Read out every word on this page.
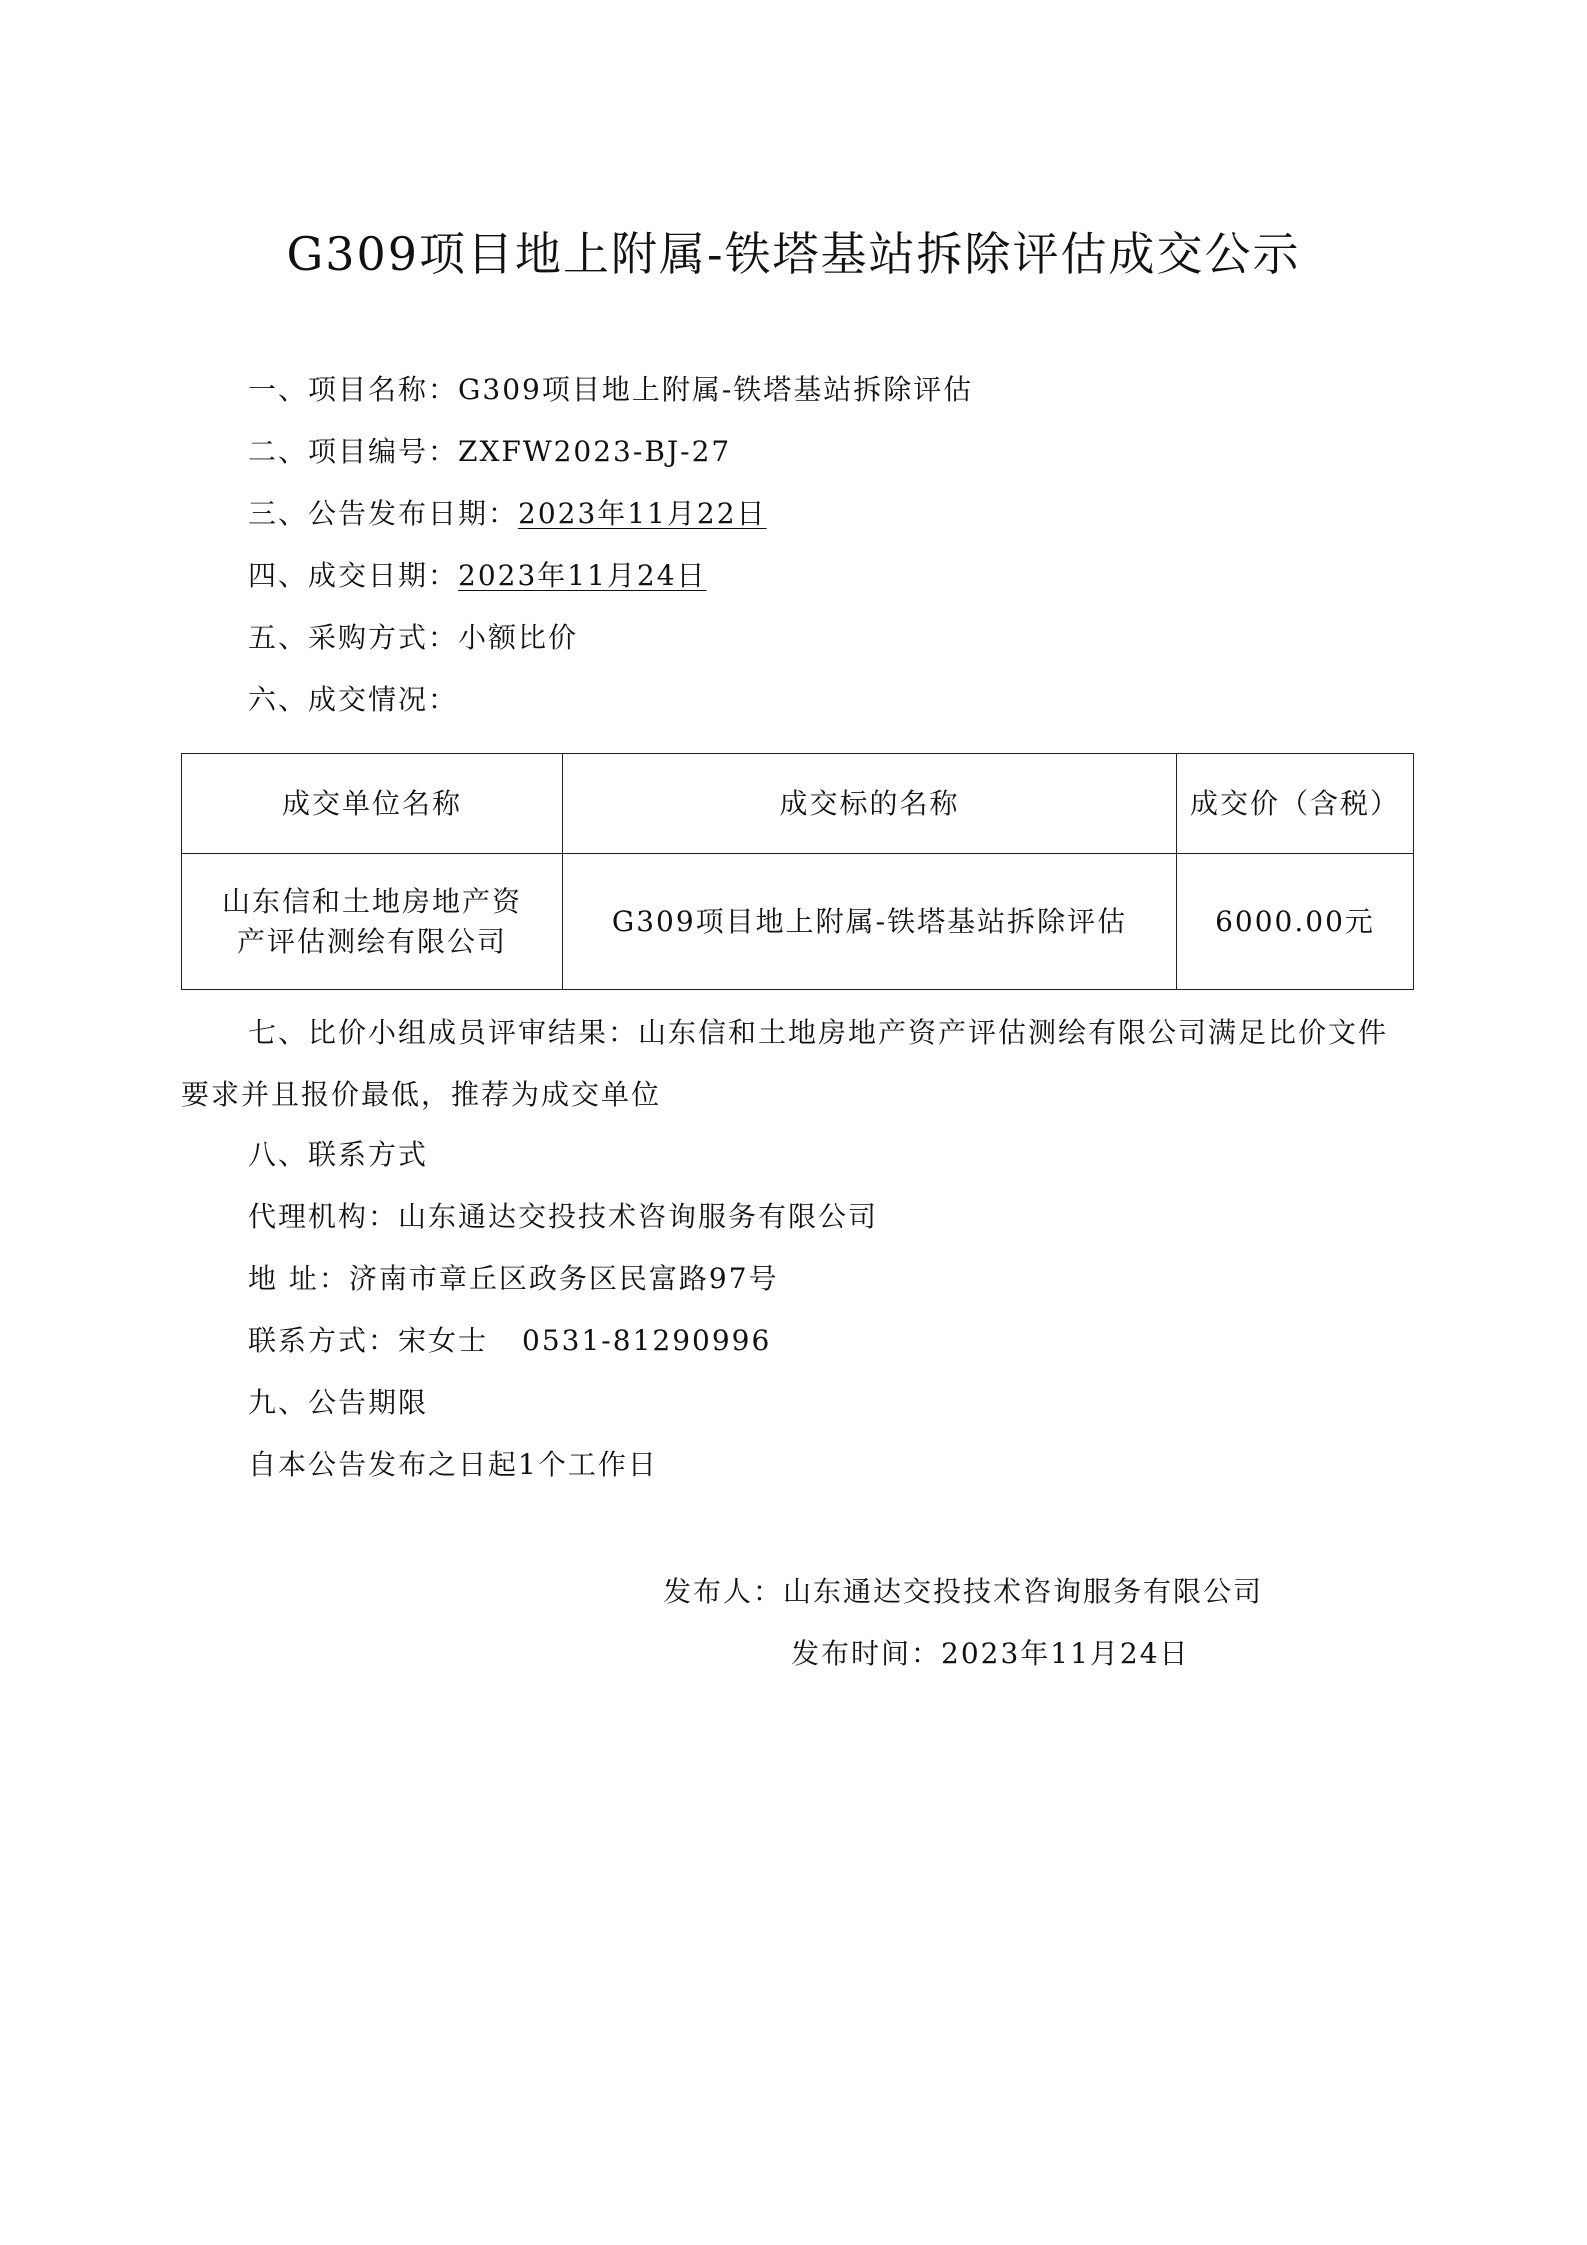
G309项目地上附属-铁塔基站拆除评估成交公示
一、项目名称：G309项目地上附属-铁塔基站拆除评估
二、项目编号：ZXFW2023-BJ-27
三、公告发布日期：2023年11月22日
四、成交日期：2023年11月24日
五、采购方式：小额比价
六、成交情况：
成交单位名称	成交标的名称	成交价（含税）

山东信和土地房地产资
产评估测绘有限公司	G309项目地上附属-铁塔基站拆除评估	6000.00元
七、比价小组成员评审结果：山东信和土地房地产资产评估测绘有限公司满足比价文件要求并且报价最低，推荐为成交单位
八、联系方式
代理机构：山东通达交投技术咨询服务有限公司
地 址：济南市章丘区政务区民富路97号
联系方式：宋女士 0531-81290996
九、公告期限
自本公告发布之日起1个工作日
发布人：山东通达交投技术咨询服务有限公司
发布时间：2023年11月24日
